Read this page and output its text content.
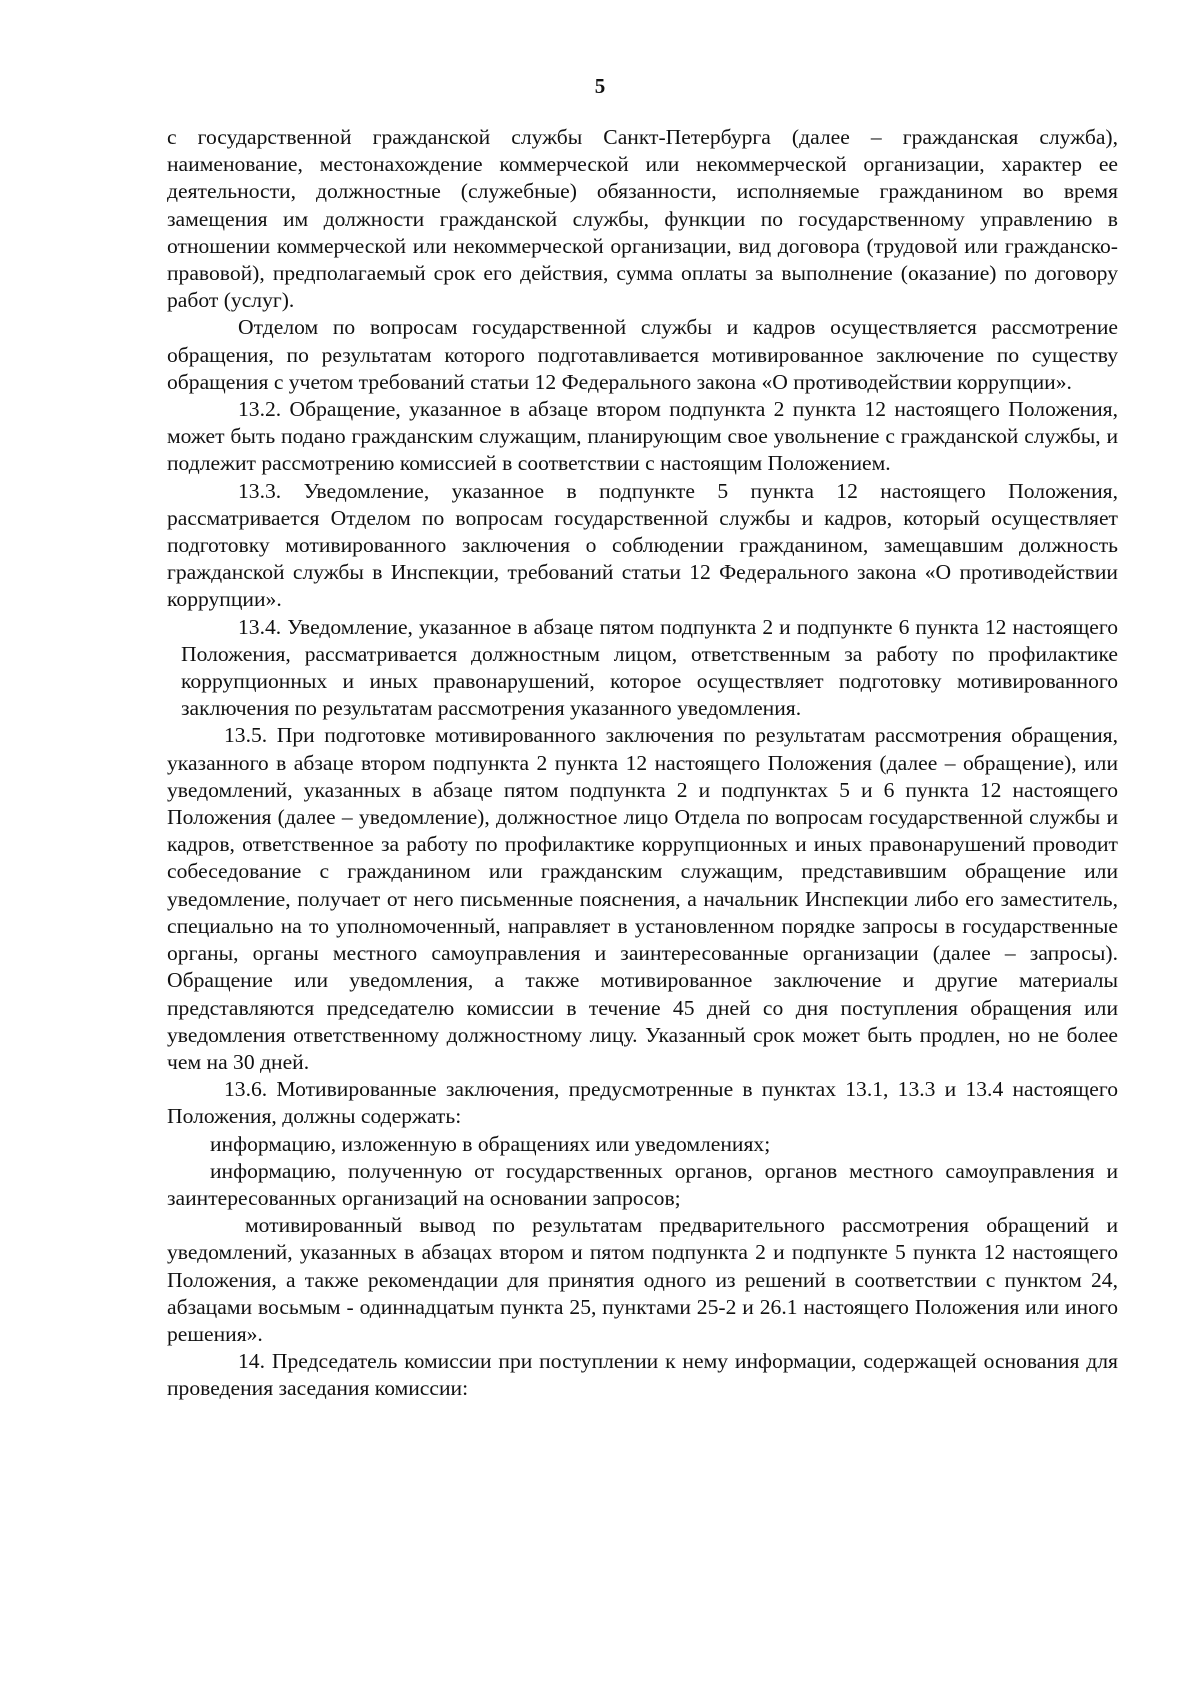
5

с государственной гражданской службы Санкт-Петербурга (далее – гражданская служба), наименование, местонахождение коммерческой или некоммерческой организации, характер ее деятельности, должностные (служебные) обязанности, исполняемые гражданином во время замещения им должности гражданской службы, функции по государственному управлению в отношении коммерческой или некоммерческой организации, вид договора (трудовой или гражданско-правовой), предполагаемый срок его действия, сумма оплаты за выполнение (оказание) по договору работ (услуг).

Отделом по вопросам государственной службы и кадров осуществляется рассмотрение обращения, по результатам которого подготавливается мотивированное заключение по существу обращения с учетом требований статьи 12 Федерального закона «О противодействии коррупции».

13.2. Обращение, указанное в абзаце втором подпункта 2 пункта 12 настоящего Положения, может быть подано гражданским служащим, планирующим свое увольнение с гражданской службы, и подлежит рассмотрению комиссией в соответствии с настоящим Положением.

13.3. Уведомление, указанное в подпункте 5 пункта 12 настоящего Положения, рассматривается Отделом по вопросам государственной службы и кадров, который осуществляет подготовку мотивированного заключения о соблюдении гражданином, замещавшим должность гражданской службы в Инспекции, требований статьи 12 Федерального закона «О противодействии коррупции».

13.4. Уведомление, указанное в абзаце пятом подпункта 2 и подпункте 6 пункта 12 настоящего Положения, рассматривается должностным лицом, ответственным за работу по профилактике коррупционных и иных правонарушений, которое осуществляет подготовку мотивированного заключения по результатам рассмотрения указанного уведомления.

13.5. При подготовке мотивированного заключения по результатам рассмотрения обращения, указанного в абзаце втором подпункта 2 пункта 12 настоящего Положения (далее – обращение), или уведомлений, указанных в абзаце пятом подпункта 2 и подпунктах 5 и 6 пункта 12 настоящего Положения (далее – уведомление), должностное лицо Отдела по вопросам государственной службы и кадров, ответственное за работу по профилактике коррупционных и иных правонарушений проводит собеседование с гражданином или гражданским служащим, представившим обращение или уведомление, получает от него письменные пояснения, а начальник Инспекции либо его заместитель, специально на то уполномоченный, направляет в установленном порядке запросы в государственные органы, органы местного самоуправления и заинтересованные организации (далее – запросы). Обращение или уведомления, а также мотивированное заключение и другие материалы представляются председателю комиссии в течение 45 дней со дня поступления обращения или уведомления ответственному должностному лицу. Указанный срок может быть продлен, но не более чем на 30 дней.

13.6. Мотивированные заключения, предусмотренные в пунктах 13.1, 13.3 и 13.4 настоящего Положения, должны содержать:

информацию, изложенную в обращениях или уведомлениях;

информацию, полученную от государственных органов, органов местного самоуправления и заинтересованных организаций на основании запросов;

мотивированный вывод по результатам предварительного рассмотрения обращений и уведомлений, указанных в абзацах втором и пятом подпункта 2 и подпункте 5 пункта 12 настоящего Положения, а также рекомендации для принятия одного из решений в соответствии с пунктом 24, абзацами восьмым - одиннадцатым пункта 25, пунктами 25-2 и 26.1 настоящего Положения или иного решения».

14. Председатель комиссии при поступлении к нему информации, содержащей основания для проведения заседания комиссии:
